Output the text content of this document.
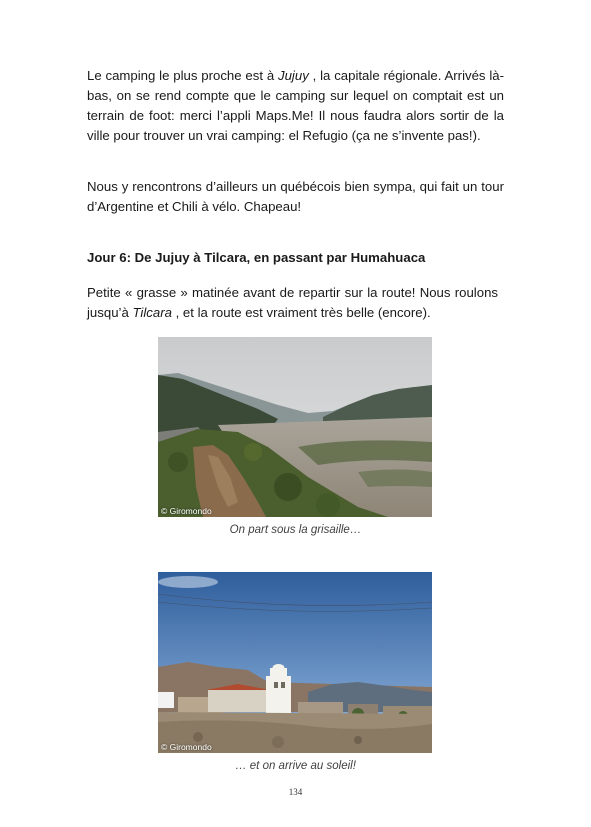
Le camping le plus proche est à Jujuy , la capitale régionale. Arrivés là-bas, on se rend compte que le camping sur lequel on comptait est un terrain de foot: merci l’appli Maps.Me! Il nous faudra alors sortir de la ville pour trouver un vrai camping: el Refugio (ça ne s’invente pas!).

Nous y rencontrons d’ailleurs un québécois bien sympa, qui fait un tour d’Argentine et Chili à vélo. Chapeau!

Jour 6: De Jujuy à Tilcara, en passant par Humahuaca

Petite « grasse » matinée avant de repartir sur la route! Nous roulons jusqu’à Tilcara , et la route est vraiment très belle (encore).

© Giromondo
On part sous la grisaille…
© Giromondo
… et on arrive au soleil!
134
